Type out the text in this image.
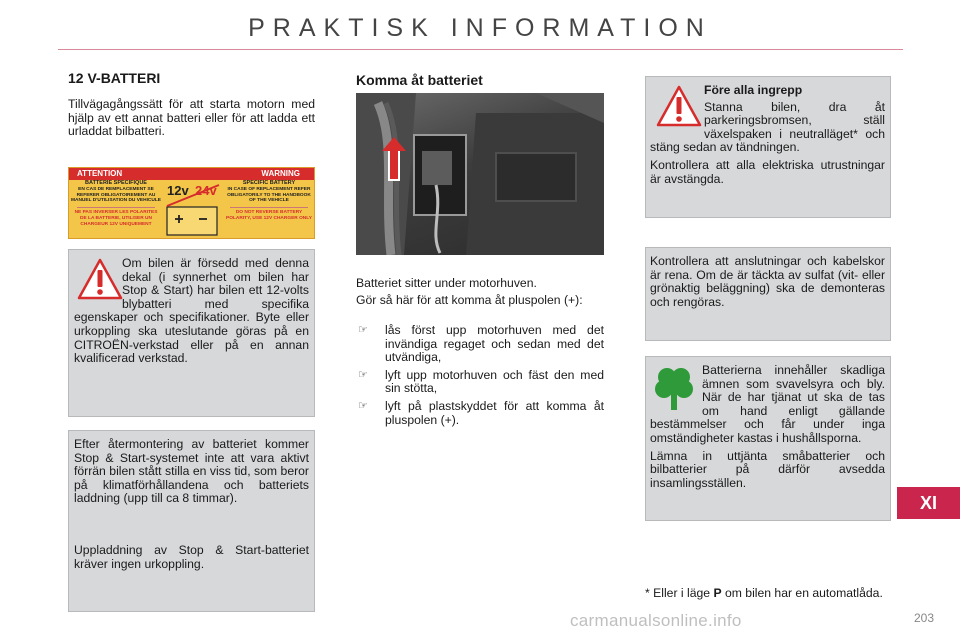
PRAKTISK INFORMATION
12 V-BATTERI
Tillvägagångssätt för att starta motorn med hjälp av ett annat batteri eller för att ladda ett urladdat bilbatteri.
ATTENTION	WARNING
BATTERIE SPECIFIQUE
EN CAS DE REMPLACEMENT SE REFERER OBLIGATOIREMENT AU MANUEL D'UTILISATION DU VEHICULE
NE PAS INVERSER LES POLARITES DE LA BATTERIE, UTILISER UN CHARGEUR 12V UNIQUEMENT
12v 24v	SPECIFIC BATTERY
IN CASE OF REPLACEMENT REFER OBLIGATORILY TO THE HANDBOOK OF THE VEHICLE
DO NOT REVERSE BATTERY POLARITY, USE 12V CHARGER ONLY
Om bilen är försedd med denna dekal (i synnerhet om bilen har Stop & Start) har bilen ett 12-volts blybatteri med specifika egenskaper och specifikationer. Byte eller urkoppling ska uteslutande göras på en CITROËN-verkstad eller på en annan kvalificerad verkstad.
Efter återmontering av batteriet kommer Stop & Start-systemet inte att vara aktivt förrän bilen stått stilla en viss tid, som beror på klimatförhållandena och batteriets laddning (upp till ca 8 timmar).
Uppladdning av Stop & Start-batteriet kräver ingen urkoppling.
Komma åt batteriet
Batteriet sitter under motorhuven.
Gör så här för att komma åt pluspolen (+):
☞ lås först upp motorhuven med det invändiga regaget och sedan med det utvändiga,
☞ lyft upp motorhuven och fäst den med sin stötta,
☞ lyft på plastskyddet för att komma åt pluspolen (+).
Före alla ingrepp
Stanna bilen, dra åt parkeringsbromsen, ställ växelspaken i neutralläget* och stäng sedan av tändningen.
Kontrollera att alla elektriska utrustningar är avstängda.
Kontrollera att anslutningar och kabelskor är rena. Om de är täckta av sulfat (vit- eller grönaktig beläggning) ska de demonteras och rengöras.
Batterierna innehåller skadliga ämnen som svavelsyra och bly. När de har tjänat ut ska de tas om hand enligt gällande bestämmelser och får under inga omständigheter kastas i hushållsporna.
Lämna in uttjänta småbatterier och bilbatterier på därför avsedda insamlingsställen.
* Eller i läge P om bilen har en automatlåda.
XI
carmanualsonline.info	203
